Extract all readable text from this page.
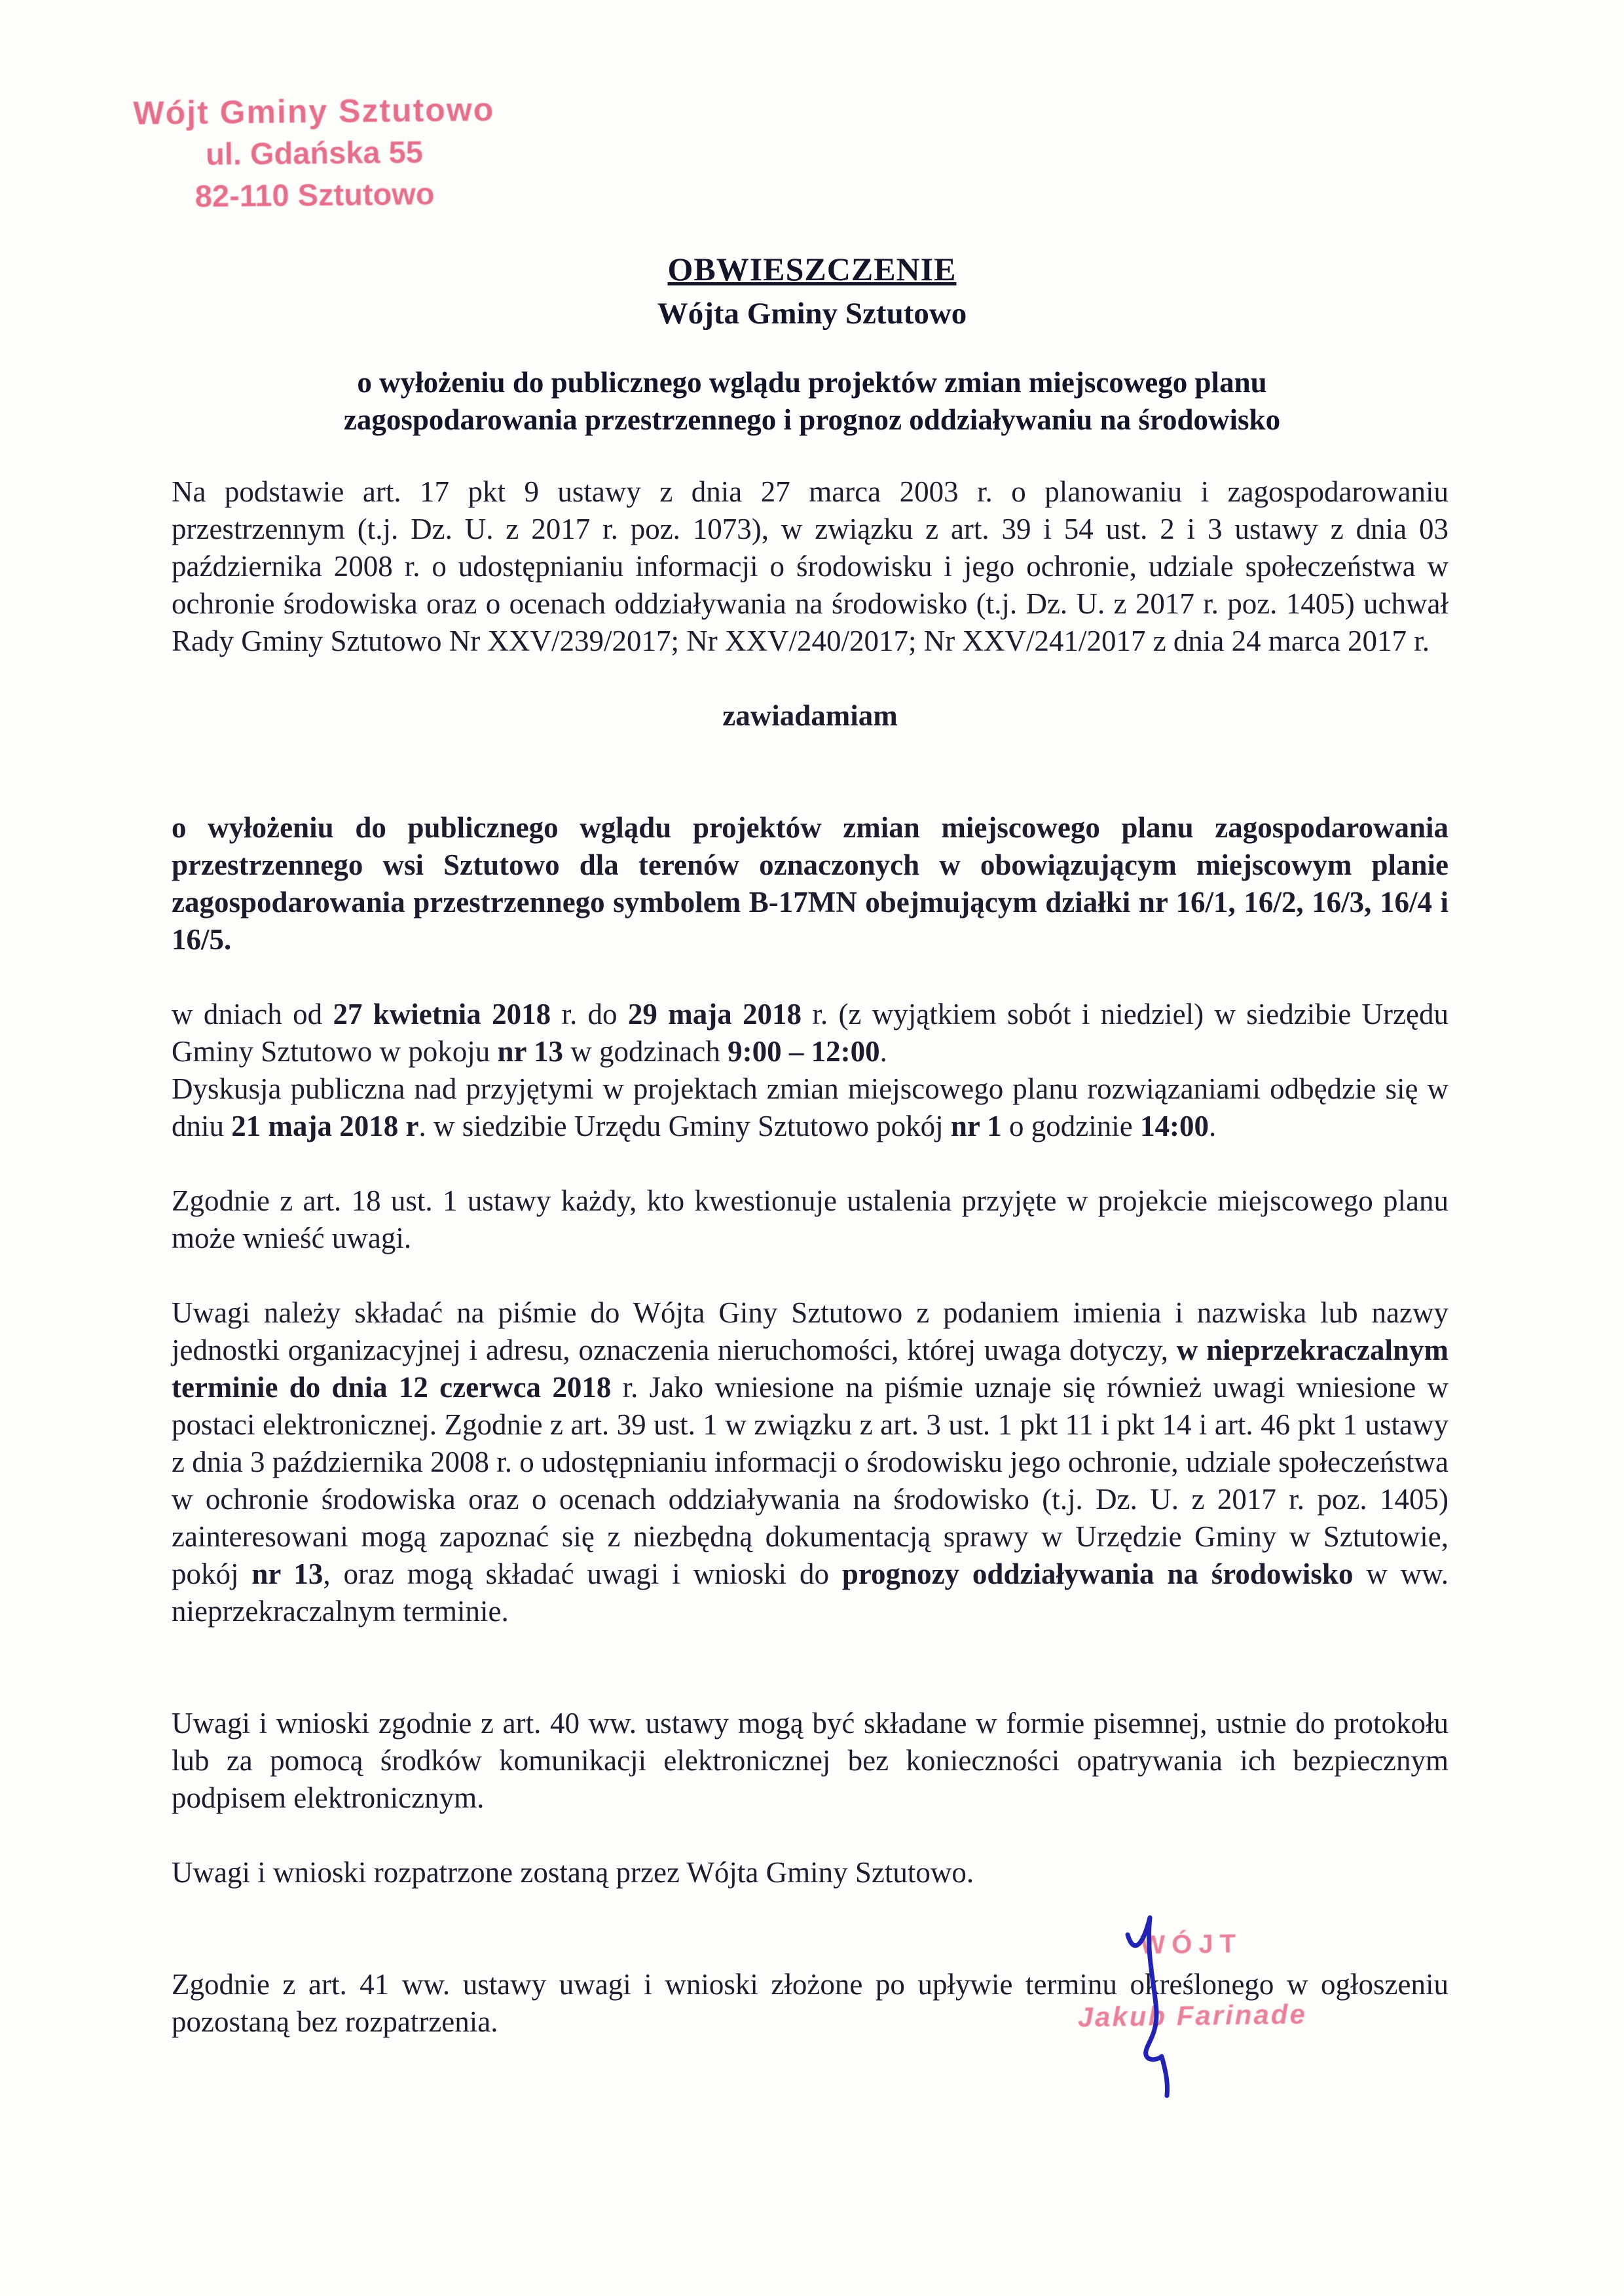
Wójt Gminy Sztutowo
ul. Gdańska 55
82-110 Sztutowo
OBWIESZCZENIE
Wójta Gminy Sztutowo
o wyłożeniu do publicznego wglądu projektów zmian miejscowego planu
zagospodarowania przestrzennego i prognoz oddziaływaniu na środowisko

Na podstawie art. 17 pkt 9 ustawy z dnia 27 marca 2003 r. o planowaniu i zagospodarowaniu przestrzennym (t.j. Dz. U. z 2017 r. poz. 1073), w związku z art. 39 i 54 ust. 2 i 3 ustawy z dnia 03 października 2008 r. o udostępnianiu informacji o środowisku i jego ochronie, udziale społeczeństwa w ochronie środowiska oraz o ocenach oddziaływania na środowisko (t.j. Dz. U. z 2017 r. poz. 1405) uchwał Rady Gminy Sztutowo Nr XXV/239/2017; Nr XXV/240/2017; Nr XXV/241/2017 z dnia 24 marca 2017 r.

zawiadamiam

o wyłożeniu do publicznego wglądu projektów zmian miejscowego planu zagospodarowania przestrzennego wsi Sztutowo dla terenów oznaczonych w obowiązującym miejscowym planie zagospodarowania przestrzennego symbolem B-17MN obejmującym działki nr 16/1, 16/2, 16/3, 16/4 i 16/5.

w dniach od 27 kwietnia 2018 r. do 29 maja 2018 r. (z wyjątkiem sobót i niedziel) w siedzibie Urzędu Gminy Sztutowo w pokoju nr 13 w godzinach 9:00 – 12:00.

Dyskusja publiczna nad przyjętymi w projektach zmian miejscowego planu rozwiązaniami odbędzie się w dniu 21 maja 2018 r. w siedzibie Urzędu Gminy Sztutowo pokój nr 1 o godzinie 14:00.

Zgodnie z art. 18 ust. 1 ustawy każdy, kto kwestionuje ustalenia przyjęte w projekcie miejscowego planu może wnieść uwagi.

Uwagi należy składać na piśmie do Wójta Giny Sztutowo z podaniem imienia i nazwiska lub nazwy jednostki organizacyjnej i adresu, oznaczenia nieruchomości, której uwaga dotyczy, w nieprzekraczalnym terminie do dnia 12 czerwca 2018 r. Jako wniesione na piśmie uznaje się również uwagi wniesione w postaci elektronicznej. Zgodnie z art. 39 ust. 1 w związku z art. 3 ust. 1 pkt 11 i pkt 14 i art. 46 pkt 1 ustawy z dnia 3 października 2008 r. o udostępnianiu informacji o środowisku jego ochronie, udziale społeczeństwa w ochronie środowiska oraz o ocenach oddziaływania na środowisko (t.j. Dz. U. z 2017 r. poz. 1405) zainteresowani mogą zapoznać się z niezbędną dokumentacją sprawy w Urzędzie Gminy w Sztutowie, pokój nr 13, oraz mogą składać uwagi i wnioski do prognozy oddziaływania na środowisko w ww. nieprzekraczalnym terminie.

Uwagi i wnioski zgodnie z art. 40 ww. ustawy mogą być składane w formie pisemnej, ustnie do protokołu lub za pomocą środków komunikacji elektronicznej bez konieczności opatrywania ich bezpiecznym podpisem elektronicznym.

Uwagi i wnioski rozpatrzone zostaną przez Wójta Gminy Sztutowo.

Zgodnie z art. 41 ww. ustawy uwagi i wnioski złożone po upływie terminu określonego w ogłoszeniu pozostaną bez rozpatrzenia.

WÓJT
Jakub Farinade
